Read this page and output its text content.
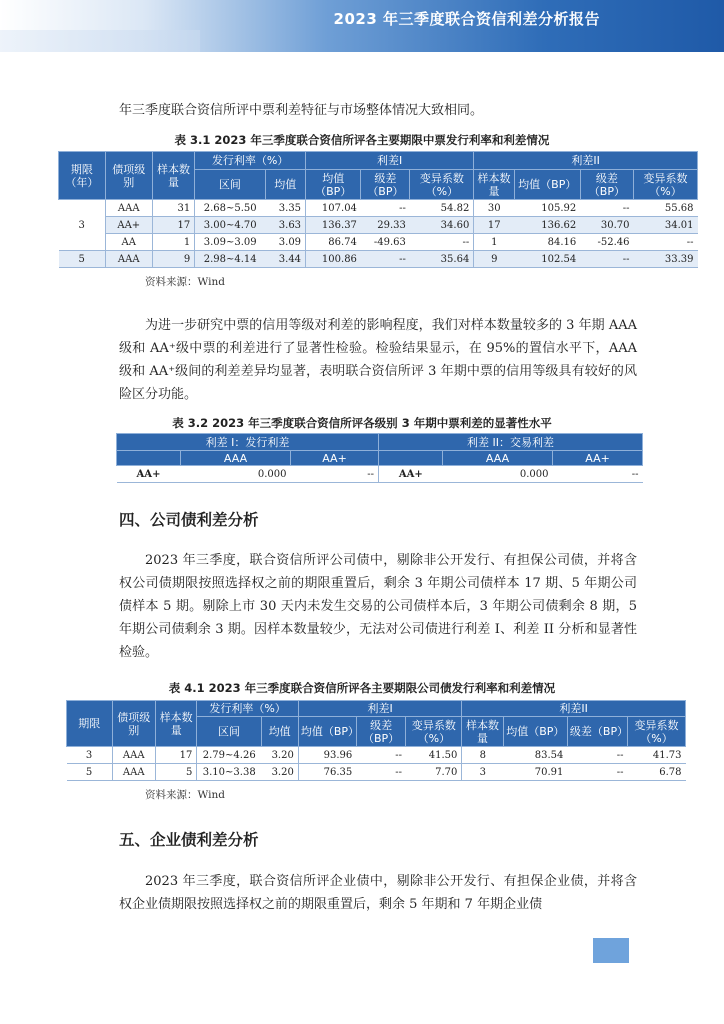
2023 年三季度联合资信利差分析报告

年三季度联合资信所评中票利差特征与市场整体情况大致相同。

表 3.1 2023 年三季度联合资信所评各主要期限中票发行利率和利差情况
期限（年）	债项级别	样本数量	发行利率（%）		利差I			利差II			
			区间	均值	均值（BP）	级差（BP）	变异系数（%）	样本数量	均值（BP）	级差（BP）	变异系数（%）
3	AAA	31	2.68~5.50	3.35	107.04	--	54.82	30	105.92	--	55.68
	AA+	17	3.00~4.70	3.63	136.37	29.33	34.60	17	136.62	30.70	34.01
	AA	1	3.09~3.09	3.09	86.74	-49.63	--	1	84.16	-52.46	--
5	AAA	9	2.98~4.14	3.44	100.86	--	35.64	9	102.54	--	33.39
资料来源：Wind

为进一步研究中票的信用等级对利差的影响程度，我们对样本数量较多的 3 年期 AAA 级和 AA⁺级中票的利差进行了显著性检验。检验结果显示，在 95%的置信水平下，AAA 级和 AA⁺级间的利差差异均显著，表明联合资信所评 3 年期中票的信用等级具有较好的风险区分功能。

表 3.2 2023 年三季度联合资信所评各级别 3 年期中票利差的显著性水平
利差 I：发行利差			利差 II：交易利差		
	AAA	AA+		AAA	AA+
AA+	0.000	--	AA+	0.000	--
四、公司债利差分析

2023 年三季度，联合资信所评公司债中，剔除非公开发行、有担保公司债，并将含权公司债期限按照选择权之前的期限重置后，剩余 3 年期公司债样本 17 期、5 年期公司债样本 5 期。剔除上市 30 天内未发生交易的公司债样本后，3 年期公司债剩余 8 期，5 年期公司债剩余 3 期。因样本数量较少，无法对公司债进行利差 I、利差 II 分析和显著性检验。

表 4.1 2023 年三季度联合资信所评各主要期限公司债发行利率和利差情况
期限	债项级别	样本数量	发行利率（%）		利差I			利差II			
			区间	均值	均值（BP）	级差（BP）	变异系数（%）	样本数量	均值（BP）	级差（BP）	变异系数（%）
3	AAA	17	2.79~4.26	3.20	93.96	--	41.50	8	83.54	--	41.73
5	AAA	5	3.10~3.38	3.20	76.35	--	7.70	3	70.91	--	6.78
资料来源：Wind
五、企业债利差分析

2023 年三季度，联合资信所评企业债中，剔除非公开发行、有担保企业债，并将含权企业债期限按照选择权之前的期限重置后，剩余 5 年期和 7 年期企业债
